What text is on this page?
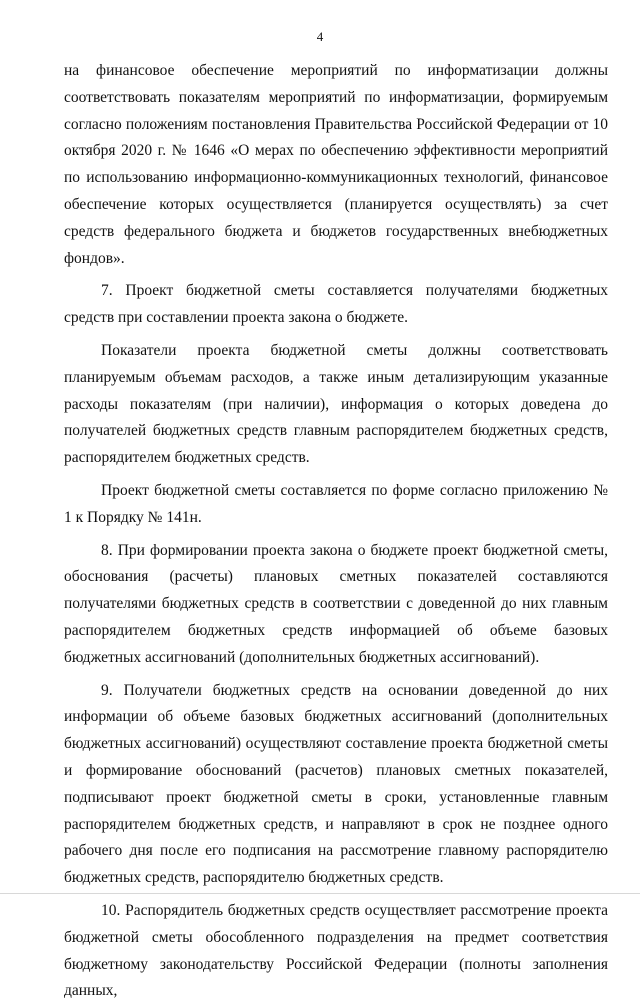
4

на финансовое обеспечение мероприятий по информатизации должны соответствовать показателям мероприятий по информатизации, формируемым согласно положениям постановления Правительства Российской Федерации от 10 октября 2020 г. № 1646 «О мерах по обеспечению эффективности мероприятий по использованию информационно-коммуникационных технологий, финансовое обеспечение которых осуществляется (планируется осуществлять) за счет средств федерального бюджета и бюджетов государственных внебюджетных фондов».

7. Проект бюджетной сметы составляется получателями бюджетных средств при составлении проекта закона о бюджете.

Показатели проекта бюджетной сметы должны соответствовать планируемым объемам расходов, а также иным детализирующим указанные расходы показателям (при наличии), информация о которых доведена до получателей бюджетных средств главным распорядителем бюджетных средств, распорядителем бюджетных средств.

Проект бюджетной сметы составляется по форме согласно приложению № 1 к Порядку № 141н.

8. При формировании проекта закона о бюджете проект бюджетной сметы, обоснования (расчеты) плановых сметных показателей составляются получателями бюджетных средств в соответствии с доведенной до них главным распорядителем бюджетных средств информацией об объеме базовых бюджетных ассигнований (дополнительных бюджетных ассигнований).

9. Получатели бюджетных средств на основании доведенной до них информации об объеме базовых бюджетных ассигнований (дополнительных бюджетных ассигнований) осуществляют составление проекта бюджетной сметы и формирование обоснований (расчетов) плановых сметных показателей, подписывают проект бюджетной сметы в сроки, установленные главным распорядителем бюджетных средств, и направляют в срок не позднее одного рабочего дня после его подписания на рассмотрение главному распорядителю бюджетных средств, распорядителю бюджетных средств.

10. Распорядитель бюджетных средств осуществляет рассмотрение проекта бюджетной сметы обособленного подразделения на предмет соответствия бюджетному законодательству Российской Федерации (полноты заполнения данных,
